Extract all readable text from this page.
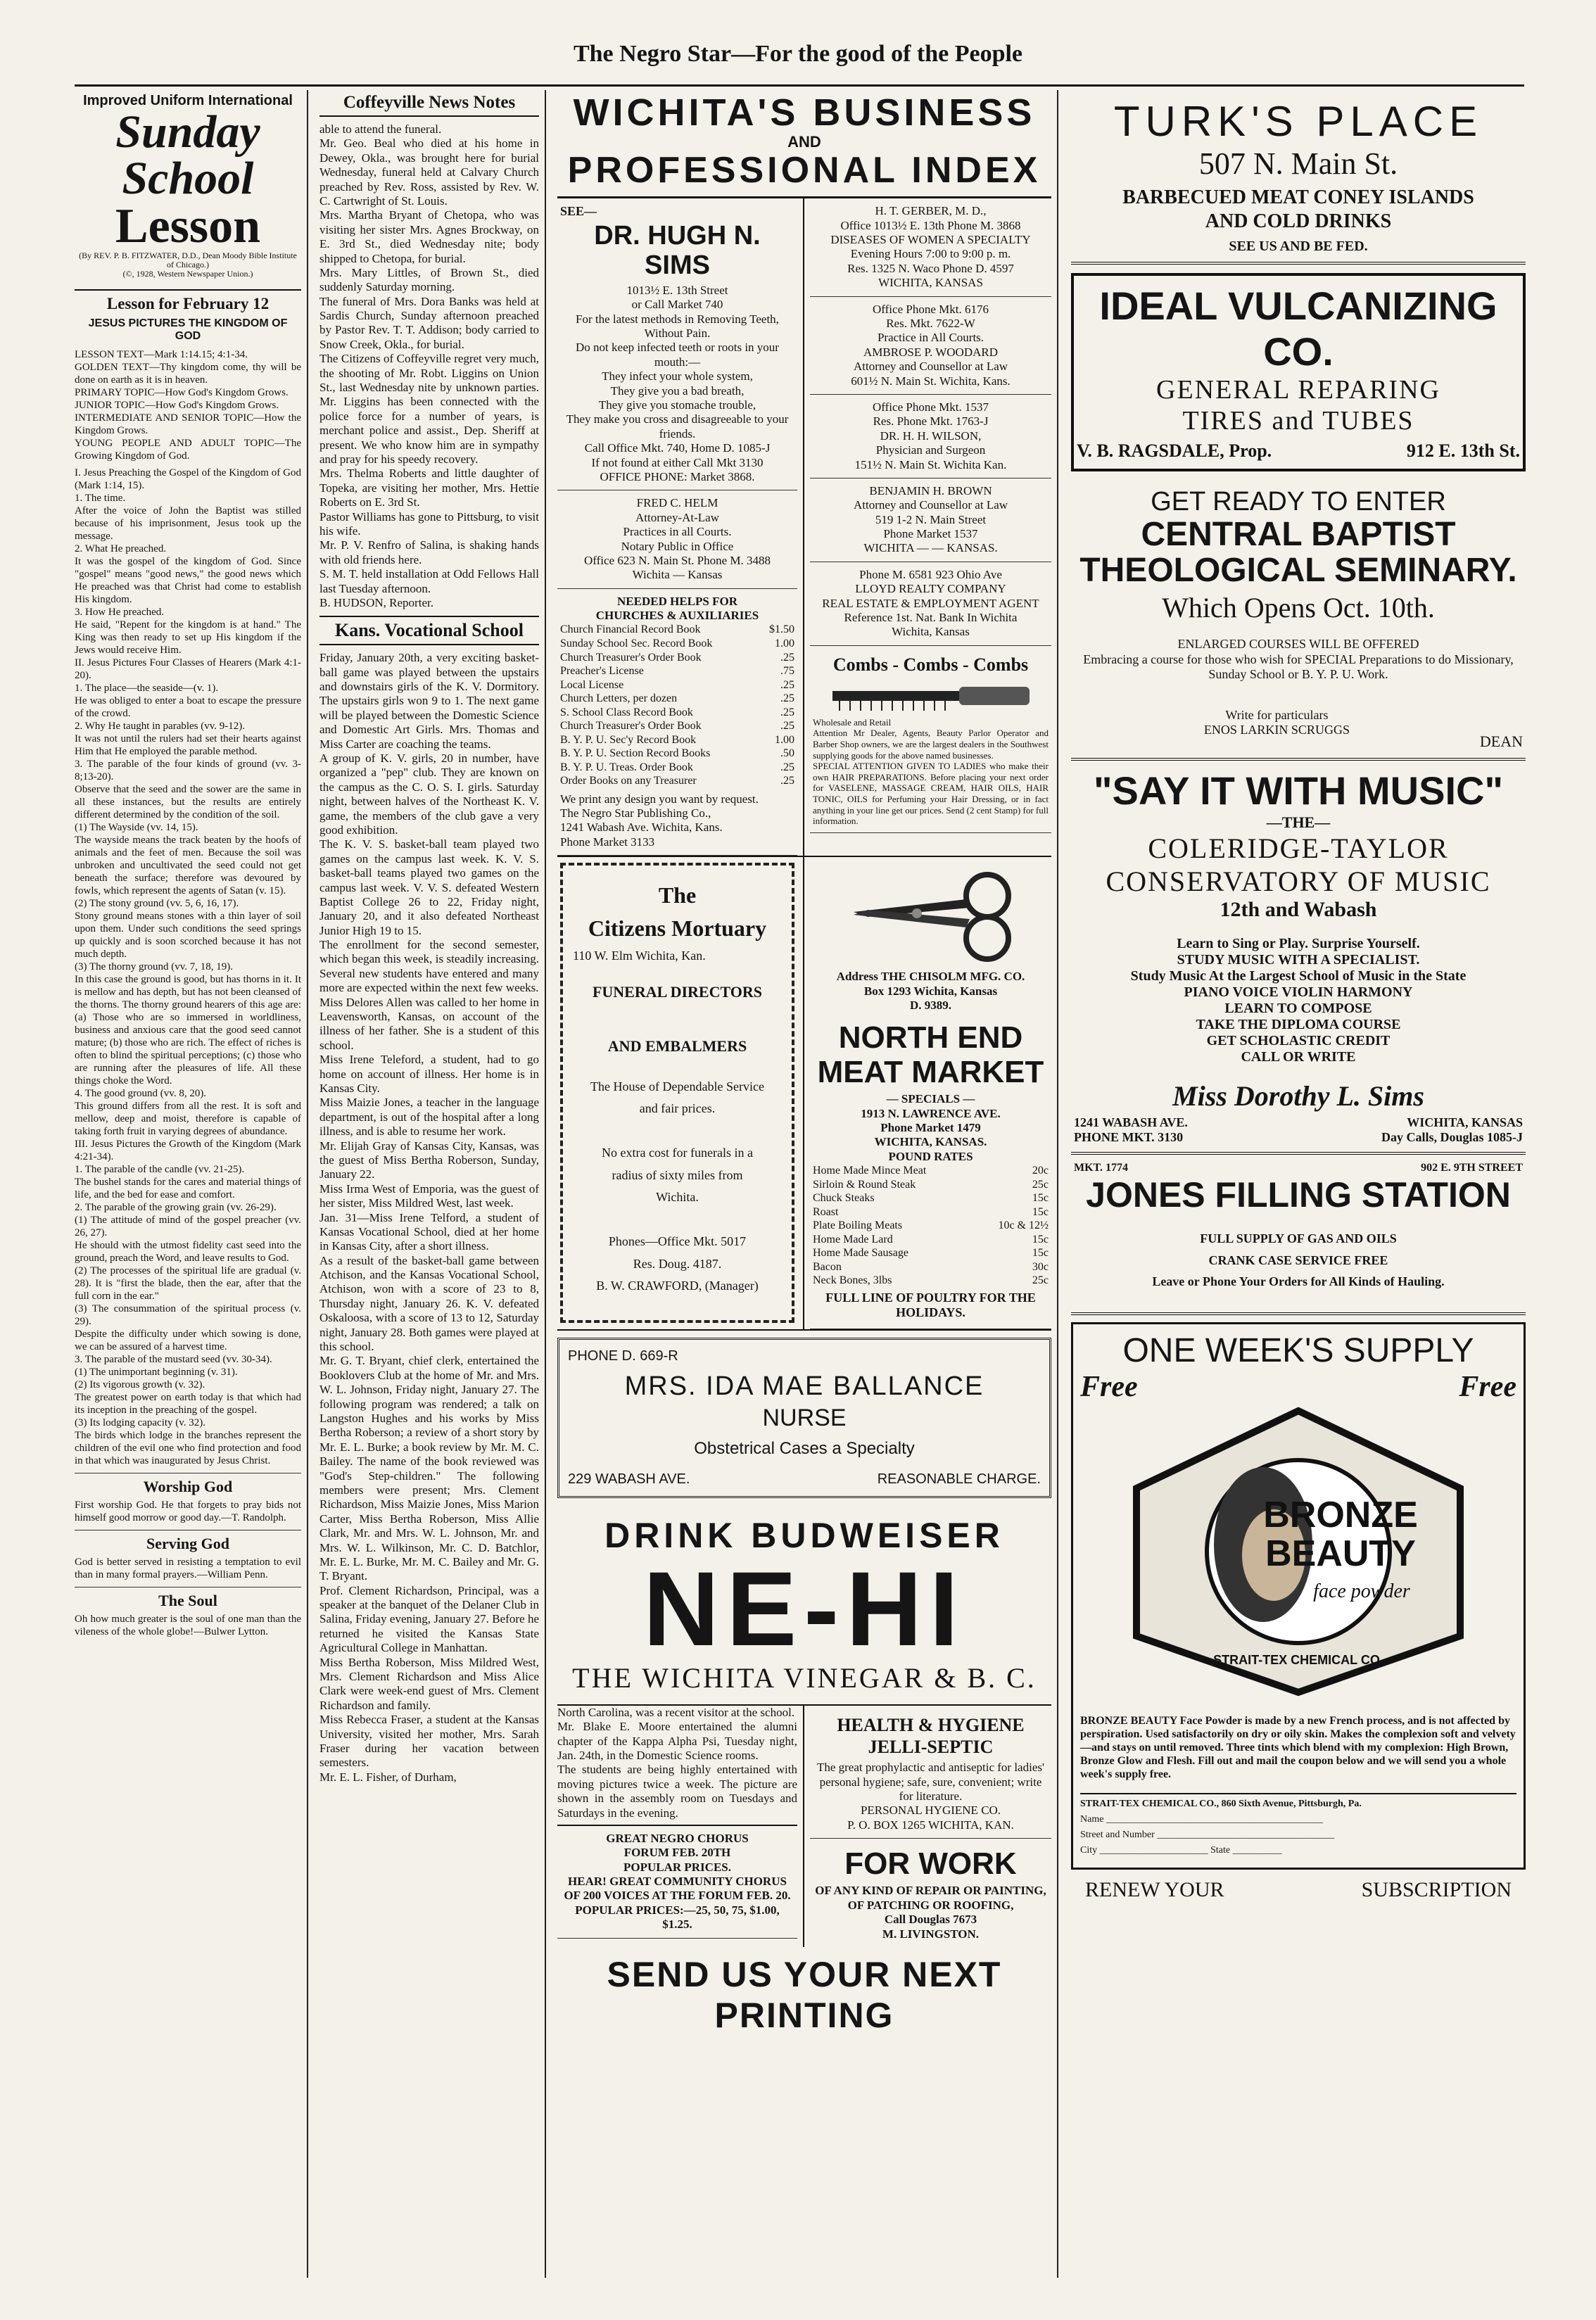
The Negro Star—For the good of the People
Improved Uniform International
Sunday School
Lesson
(By REV. P. B. FITZWATER, D.D., Dean Moody Bible Institute of Chicago.)
(©, 1928, Western Newspaper Union.)
Lesson for February 12
JESUS PICTURES THE KINGDOM OF GOD

LESSON TEXT—Mark 1:14.15; 4:1-34.
GOLDEN TEXT—Thy kingdom come, thy will be done on earth as it is in heaven.
PRIMARY TOPIC—How God's Kingdom Grows.
JUNIOR TOPIC—How God's Kingdom Grows.
INTERMEDIATE AND SENIOR TOPIC—How the Kingdom Grows.
YOUNG PEOPLE AND ADULT TOPIC—The Growing Kingdom of God.

I. Jesus Preaching the Gospel of the Kingdom of God (Mark 1:14, 15).
1. The time.
After the voice of John the Baptist was stilled because of his imprisonment, Jesus took up the message.
2. What He preached.
It was the gospel of the kingdom of God. Since "gospel" means "good news," the good news which He preached was that Christ had come to establish His kingdom.
3. How He preached.
He said, "Repent for the kingdom is at hand." The King was then ready to set up His kingdom if the Jews would receive Him.
II. Jesus Pictures Four Classes of Hearers (Mark 4:1-20).
1. The place—the seaside—(v. 1).
He was obliged to enter a boat to escape the pressure of the crowd.
2. Why He taught in parables (vv. 9-12).
It was not until the rulers had set their hearts against Him that He employed the parable method.
3. The parable of the four kinds of ground (vv. 3-8;13-20).
Observe that the seed and the sower are the same in all these instances, but the results are entirely different determined by the condition of the soil.
(1) The Wayside (vv. 14, 15).
The wayside means the track beaten by the hoofs of animals and the feet of men. Because the soil was unbroken and uncultivated the seed could not get beneath the surface; therefore was devoured by fowls, which represent the agents of Satan (v. 15).
(2) The stony ground (vv. 5, 6, 16, 17).
Stony ground means stones with a thin layer of soil upon them. Under such conditions the seed springs up quickly and is soon scorched because it has not much depth.
(3) The thorny ground (vv. 7, 18, 19).
In this case the ground is good, but has thorns in it. It is mellow and has depth, but has not been cleansed of the thorns. The thorny ground hearers of this age are: (a) Those who are so immersed in worldliness, business and anxious care that the good seed cannot mature; (b) those who are rich. The effect of riches is often to blind the spiritual perceptions; (c) those who are running after the pleasures of life. All these things choke the Word.
4. The good ground (vv. 8, 20).
This ground differs from all the rest. It is soft and mellow, deep and moist, therefore is capable of taking forth fruit in varying degrees of abundance.
III. Jesus Pictures the Growth of the Kingdom (Mark 4:21-34).
1. The parable of the candle (vv. 21-25).
The bushel stands for the cares and material things of life, and the bed for ease and comfort.
2. The parable of the growing grain (vv. 26-29).
(1) The attitude of mind of the gospel preacher (vv. 26, 27).
He should with the utmost fidelity cast seed into the ground, preach the Word, and leave results to God.
(2) The processes of the spiritual life are gradual (v. 28). It is "first the blade, then the ear, after that the full corn in the ear."
(3) The consummation of the spiritual process (v. 29).
Despite the difficulty under which sowing is done, we can be assured of a harvest time.
3. The parable of the mustard seed (vv. 30-34).
(1) The unimportant beginning (v. 31).
(2) Its vigorous growth (v. 32).
The greatest power on earth today is that which had its inception in the preaching of the gospel.
(3) Its lodging capacity (v. 32).
The birds which lodge in the branches represent the children of the evil one who find protection and food in that which was inaugurated by Jesus Christ.

Worship God

First worship God. He that forgets to pray bids not himself good morrow or good day.—T. Randolph.

Serving God

God is better served in resisting a temptation to evil than in many formal prayers.—William Penn.

The Soul

Oh how much greater is the soul of one man than the vileness of the whole globe!—Bulwer Lytton.

Coffeyville News Notes

able to attend the funeral.
Mr. Geo. Beal who died at his home in Dewey, Okla., was brought here for burial Wednesday, funeral held at Calvary Church preached by Rev. Ross, assisted by Rev. W. C. Cartwright of St. Louis.
Mrs. Martha Bryant of Chetopa, who was visiting her sister Mrs. Agnes Brockway, on E. 3rd St., died Wednesday nite; body shipped to Chetopa, for burial.
Mrs. Mary Littles, of Brown St., died suddenly Saturday morning.
The funeral of Mrs. Dora Banks was held at Sardis Church, Sunday afternoon preached by Pastor Rev. T. T. Addison; body carried to Snow Creek, Okla., for burial.
The Citizens of Coffeyville regret very much, the shooting of Mr. Robt. Liggins on Union St., last Wednesday nite by unknown parties. Mr. Liggins has been connected with the police force for a number of years, is merchant police and assist., Dep. Sheriff at present. We who know him are in sympathy and pray for his speedy recovery.
Mrs. Thelma Roberts and little daughter of Topeka, are visiting her mother, Mrs. Hettie Roberts on E. 3rd St.
Pastor Williams has gone to Pittsburg, to visit his wife.
Mr. P. V. Renfro of Salina, is shaking hands with old friends here.
S. M. T. held installation at Odd Fellows Hall last Tuesday afternoon.
B. HUDSON, Reporter.

Kans. Vocational School

Friday, January 20th, a very exciting basket-ball game was played between the upstairs and downstairs girls of the K. V. Dormitory. The upstairs girls won 9 to 1. The next game will be played between the Domestic Science and Domestic Art Girls. Mrs. Thomas and Miss Carter are coaching the teams.
A group of K. V. girls, 20 in number, have organized a "pep" club. They are known on the campus as the C. O. S. I. girls. Saturday night, between halves of the Northeast K. V. game, the members of the club gave a very good exhibition.
The K. V. S. basket-ball team played two games on the campus last week. K. V. S. basket-ball teams played two games on the campus last week. V. V. S. defeated Western Baptist College 26 to 22, Friday night, January 20, and it also defeated Northeast Junior High 19 to 15.
The enrollment for the second semester, which began this week, is steadily increasing. Several new students have entered and many more are expected within the next few weeks.
Miss Delores Allen was called to her home in Leavensworth, Kansas, on account of the illness of her father. She is a student of this school.
Miss Irene Teleford, a student, had to go home on account of illness. Her home is in Kansas City.
Miss Maizie Jones, a teacher in the language department, is out of the hospital after a long illness, and is able to resume her work.
Mr. Elijah Gray of Kansas City, Kansas, was the guest of Miss Bertha Roberson, Sunday, January 22.
Miss Irma West of Emporia, was the guest of her sister, Miss Mildred West, last week.
Jan. 31—Miss Irene Telford, a student of Kansas Vocational School, died at her home in Kansas City, after a short illness.
As a result of the basket-ball game between Atchison, and the Kansas Vocational School, Atchison, won with a score of 23 to 8, Thursday night, January 26. K. V. defeated Oskaloosa, with a score of 13 to 12, Saturday night, January 28. Both games were played at this school.
Mr. G. T. Bryant, chief clerk, entertained the Booklovers Club at the home of Mr. and Mrs. W. L. Johnson, Friday night, January 27. The following program was rendered; a talk on Langston Hughes and his works by Miss Bertha Roberson; a review of a short story by Mr. E. L. Burke; a book review by Mr. M. C. Bailey. The name of the book reviewed was "God's Step-children." The following members were present; Mrs. Clement Richardson, Miss Maizie Jones, Miss Marion Carter, Miss Bertha Roberson, Miss Allie Clark, Mr. and Mrs. W. L. Johnson, Mr. and Mrs. W. L. Wilkinson, Mr. C. D. Batchlor, Mr. E. L. Burke, Mr. M. C. Bailey and Mr. G. T. Bryant.
Prof. Clement Richardson, Principal, was a speaker at the banquet of the Delaner Club in Salina, Friday evening, January 27. Before he returned he visited the Kansas State Agricultural College in Manhattan.
Miss Bertha Roberson, Miss Mildred West, Mrs. Clement Richardson and Miss Alice Clark were week-end guest of Mrs. Clement Richardson and family.
Miss Rebecca Fraser, a student at the Kansas University, visited her mother, Mrs. Sarah Fraser during her vacation between semesters.
Mr. E. L. Fisher, of Durham,

WICHITA'S BUSINESS
AND
PROFESSIONAL INDEX
SEE—
DR. HUGH N. SIMS

1013½ E. 13th Street
or Call Market 740
For the latest methods in Removing Teeth, Without Pain.
Do not keep infected teeth or roots in your mouth:—
They infect your whole system,
They give you a bad breath,
They give you stomache trouble,
They make you cross and disagreeable to your friends.
Call Office Mkt. 740, Home D. 1085-J
If not found at either Call Mkt 3130
OFFICE PHONE: Market 3868.

FRED C. HELM
Attorney-At-Law
Practices in all Courts.
Notary Public in Office
Office 623 N. Main St. Phone M. 3488
Wichita — Kansas

NEEDED HELPS FOR
CHURCHES & AUXILIARIES

Church Financial Record Book	$1.50
Sunday School Sec. Record Book	1.00
Church Treasurer's Order Book	.25
Preacher's License	.75
Local License	.25
Church Letters, per dozen	.25
S. School Class Record Book	.25
Church Treasurer's Order Book	.25
B. Y. P. U. Sec'y Record Book	1.00
B. Y. P. U. Section Record Books	.50
B. Y. P. U. Treas. Order Book	.25
Order Books on any Treasurer	.25

We print any design you want by request.
The Negro Star Publishing Co.,
1241 Wabash Ave. Wichita, Kans.
Phone Market 3133

H. T. GERBER, M. D.,
Office 1013½ E. 13th Phone M. 3868
DISEASES OF WOMEN A SPECIALTY
Evening Hours 7:00 to 9:00 p. m.
Res. 1325 N. Waco Phone D. 4597
WICHITA, KANSAS

Office Phone Mkt. 6176
Res. Mkt. 7622-W
Practice in All Courts.
AMBROSE P. WOODARD
Attorney and Counsellor at Law
601½ N. Main St. Wichita, Kans.

Office Phone Mkt. 1537
Res. Phone Mkt. 1763-J
DR. H. H. WILSON,
Physician and Surgeon
151½ N. Main St. Wichita Kan.

BENJAMIN H. BROWN
Attorney and Counsellor at Law
519 1-2 N. Main Street
Phone Market 1537
WICHITA — — KANSAS.

Phone M. 6581 923 Ohio Ave
LLOYD REALTY COMPANY
REAL ESTATE & EMPLOYMENT AGENT
Reference 1st. Nat. Bank In Wichita
Wichita, Kansas

Combs - Combs - Combs

Wholesale and Retail
Attention Mr Dealer, Agents, Beauty Parlor Operator and Barber Shop owners, we are the largest dealers in the Southwest supplying goods for the above named businesses.
SPECIAL ATTENTION GIVEN TO LADIES who make their own HAIR PREPARATIONS. Before placing your next order for VASELENE, MASSAGE CREAM, HAIR OILS, HAIR TONIC, OILS for Perfuming your Hair Dressing, or in fact anything in your line get our prices. Send (2 cent Stamp) for full information.

The
Citizens Mortuary
110 W. Elm Wichita, Kan.

FUNERAL DIRECTORS

AND EMBALMERS

The House of Dependable Service
and fair prices.

No extra cost for funerals in a
radius of sixty miles from
Wichita.

Phones—Office Mkt. 5017
Res. Doug. 4187.
B. W. CRAWFORD, (Manager)

Address THE CHISOLM MFG. CO.
Box 1293 Wichita, Kansas
D. 9389.

NORTH END
MEAT MARKET

— SPECIALS —
1913 N. LAWRENCE AVE.
Phone Market 1479
WICHITA, KANSAS.
POUND RATES

Home Made Mince Meat	20c
Sirloin & Round Steak	25c
Chuck Steaks	15c
Roast	15c
Plate Boiling Meats	10c & 12½
Home Made Lard	15c
Home Made Sausage	15c
Bacon	30c
Neck Bones, 3lbs	25c
FULL LINE OF POULTRY FOR THE HOLIDAYS.
PHONE D. 669-R
MRS. IDA MAE BALLANCE
NURSE
Obstetrical Cases a Specialty
229 WABASH AVE.	REASONABLE CHARGE.
DRINK BUDWEISER
NE-HI
THE WICHITA VINEGAR & B. C.

North Carolina, was a recent visitor at the school.
Mr. Blake E. Moore entertained the alumni chapter of the Kappa Alpha Psi, Tuesday night, Jan. 24th, in the Domestic Science rooms.
The students are being highly entertained with moving pictures twice a week. The picture are shown in the assembly room on Tuesdays and Saturdays in the evening.

GREAT NEGRO CHORUS
FORUM FEB. 20TH
POPULAR PRICES.
HEAR! GREAT COMMUNITY CHORUS OF 200 VOICES AT THE FORUM FEB. 20. POPULAR PRICES:—25, 50, 75, $1.00, $1.25.

HEALTH & HYGIENE
JELLI-SEPTIC

The great prophylactic and antiseptic for ladies' personal hygiene; safe, sure, convenient; write for literature.
PERSONAL HYGIENE CO.
P. O. BOX 1265 WICHITA, KAN.

FOR WORK

OF ANY KIND OF REPAIR OR PAINTING,
OF PATCHING OR ROOFING,
Call Douglas 7673
M. LIVINGSTON.

SEND US YOUR NEXT PRINTING
TURK'S PLACE
507 N. Main St.

BARBECUED MEAT CONEY ISLANDS
AND COLD DRINKS

SEE US AND BE FED.
IDEAL VULCANIZING CO.
GENERAL REPARING
TIRES and TUBES
V. B. RAGSDALE, Prop.	912 E. 13th St.
GET READY TO ENTER
CENTRAL BAPTIST THEOLOGICAL SEMINARY.
Which Opens Oct. 10th.

ENLARGED COURSES WILL BE OFFERED
Embracing a course for those who wish for SPECIAL Preparations to do Missionary, Sunday School or B. Y. P. U. Work.

Write for particulars
ENOS LARKIN SCRUGGS

DEAN
"SAY IT WITH MUSIC"
—THE—

COLERIDGE-TAYLOR
CONSERVATORY OF MUSIC

12th and Wabash

Learn to Sing or Play. Surprise Yourself.
STUDY MUSIC WITH A SPECIALIST.
Study Music At the Largest School of Music in the State
PIANO VOICE VIOLIN HARMONY
LEARN TO COMPOSE
TAKE THE DIPLOMA COURSE
GET SCHOLASTIC CREDIT
CALL OR WRITE

Miss Dorothy L. Sims
1241 WABASH AVE.
PHONE MKT. 3130
WICHITA, KANSAS
Day Calls, Douglas 1085-J
MKT. 1774	902 E. 9TH STREET
JONES FILLING STATION

FULL SUPPLY OF GAS AND OILS
CRANK CASE SERVICE FREE
Leave or Phone Your Orders for All Kinds of Hauling.

ONE WEEK'S SUPPLY
Free	Free
BRONZE
BEAUTY
face powder
STRAIT-TEX CHEMICAL CO.

BRONZE BEAUTY Face Powder is made by a new French process, and is not affected by perspiration. Used satisfactorily on dry or oily skin. Makes the complexion soft and velvety—and stays on until removed. Three tints which blend with my complexion: High Brown, Bronze Glow and Flesh. Fill out and mail the coupon below and we will send you a whole week's supply free.

STRAIT-TEX CHEMICAL CO., 860 Sixth Avenue, Pittsburgh, Pa.
Name ____________________________________________
Street and Number ____________________________________
City ______________________ State __________
RENEW YOUR	SUBSCRIPTION
